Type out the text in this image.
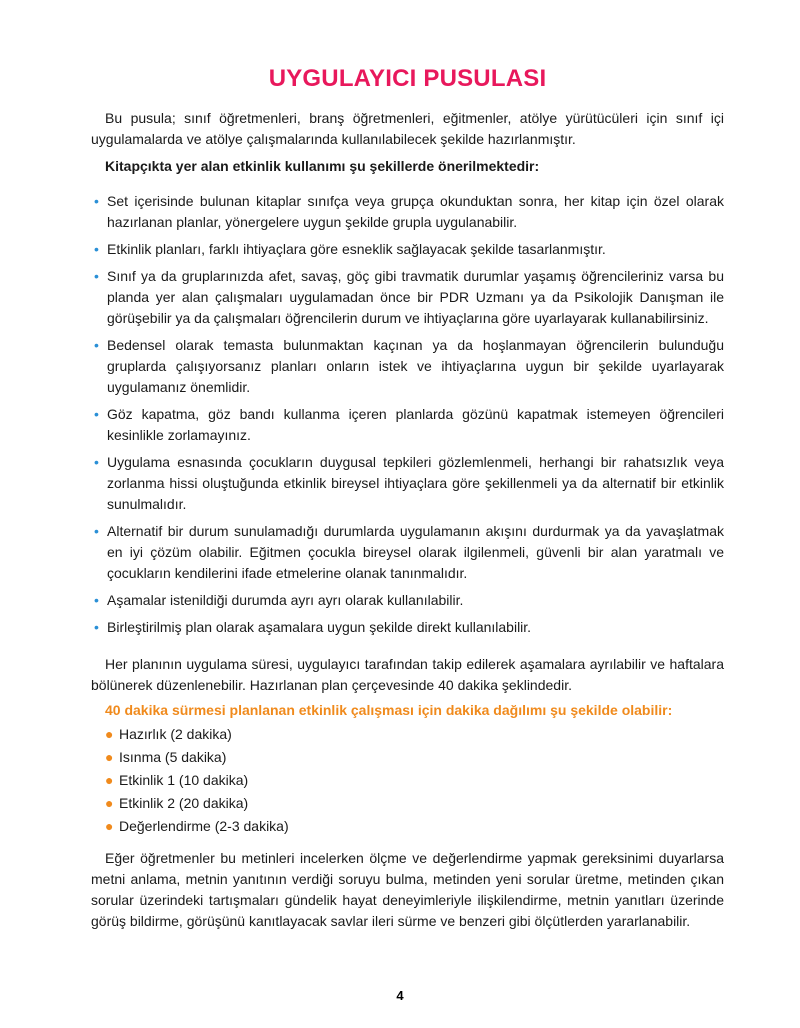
UYGULAYICI PUSULASI

Bu pusula; sınıf öğretmenleri, branş öğretmenleri, eğitmenler, atölye yürütücüleri için sınıf içi uygulamalarda ve atölye çalışmalarında kullanılabilecek şekilde hazırlanmıştır.

Kitapçıkta yer alan etkinlik kullanımı şu şekillerde önerilmektedir:
• Set içerisinde bulunan kitaplar sınıfça veya grupça okunduktan sonra, her kitap için özel olarak hazırlanan planlar, yönergelere uygun şekilde grupla uygulanabilir.
• Etkinlik planları, farklı ihtiyaçlara göre esneklik sağlayacak şekilde tasarlanmıştır.
• Sınıf ya da gruplarınızda afet, savaş, göç gibi travmatik durumlar yaşamış öğrencileriniz varsa bu planda yer alan çalışmaları uygulamadan önce bir PDR Uzmanı ya da Psikolojik Danışman ile görüşebilir ya da çalışmaları öğrencilerin durum ve ihtiyaçlarına göre uyarlayarak kullanabilirsiniz.
• Bedensel olarak temasta bulunmaktan kaçınan ya da hoşlanmayan öğrencilerin bulunduğu gruplarda çalışıyorsanız planları onların istek ve ihtiyaçlarına uygun bir şekilde uyarlayarak uygulamanız önemlidir.
• Göz kapatma, göz bandı kullanma içeren planlarda gözünü kapatmak istemeyen öğrencileri kesinlikle zorlamayınız.
• Uygulama esnasında çocukların duygusal tepkileri gözlemlenmeli, herhangi bir rahatsızlık veya zorlanma hissi oluştuğunda etkinlik bireysel ihtiyaçlara göre şekillenmeli ya da alternatif bir etkinlik sunulmalıdır.
• Alternatif bir durum sunulamadığı durumlarda uygulamanın akışını durdurmak ya da yavaşlatmak en iyi çözüm olabilir. Eğitmen çocukla bireysel olarak ilgilenmeli, güvenli bir alan yaratmalı ve çocukların kendilerini ifade etmelerine olanak tanınmalıdır.
• Aşamalar istenildiği durumda ayrı ayrı olarak kullanılabilir.
• Birleştirilmiş plan olarak aşamalara uygun şekilde direkt kullanılabilir.

Her planının uygulama süresi, uygulayıcı tarafından takip edilerek aşamalara ayrılabilir ve haftalara bölünerek düzenlenebilir. Hazırlanan plan çerçevesinde 40 dakika şeklindedir.

40 dakika sürmesi planlanan etkinlik çalışması için dakika dağılımı şu şekilde olabilir:
● Hazırlık (2 dakika)
● Isınma (5 dakika)
● Etkinlik 1 (10 dakika)
● Etkinlik 2 (20 dakika)
● Değerlendirme (2-3 dakika)

Eğer öğretmenler bu metinleri incelerken ölçme ve değerlendirme yapmak gereksinimi duyarlarsa metni anlama, metnin yanıtının verdiği soruyu bulma, metinden yeni sorular üretme, metinden çıkan sorular üzerindeki tartışmaları gündelik hayat deneyimleriyle ilişkilendirme, metnin yanıtları üzerinde görüş bildirme, görüşünü kanıtlayacak savlar ileri sürme ve benzeri gibi ölçütlerden yararlanabilir.

4
